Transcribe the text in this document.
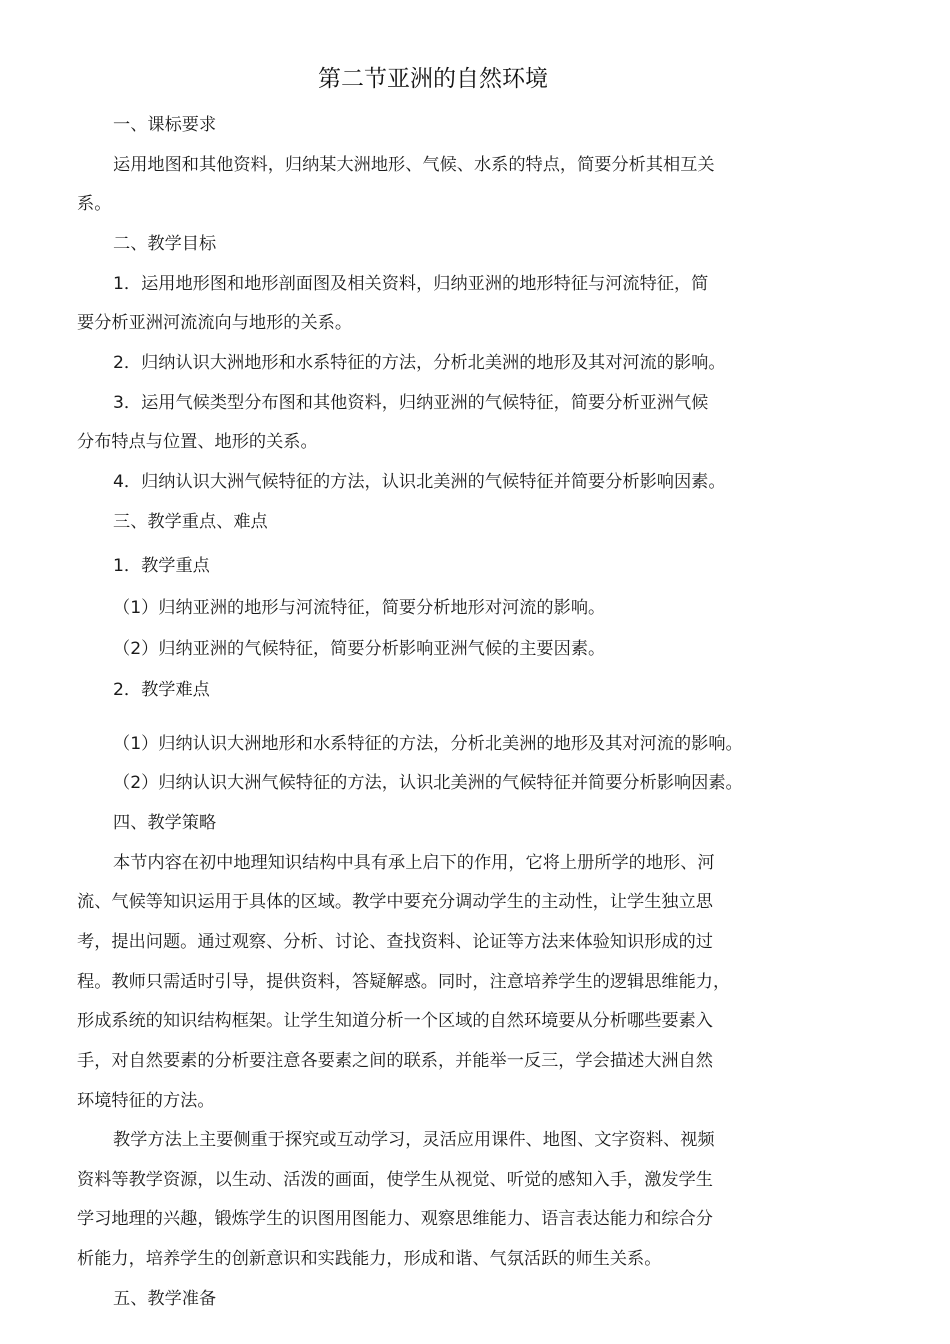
第二节亚洲的自然环境
一、课标要求
运用地图和其他资料，归纳某大洲地形、气候、水系的特点，简要分析其相互关
系。
二、教学目标
1．运用地形图和地形剖面图及相关资料，归纳亚洲的地形特征与河流特征，简
要分析亚洲河流流向与地形的关系。
2．归纳认识大洲地形和水系特征的方法，分析北美洲的地形及其对河流的影响。
3．运用气候类型分布图和其他资料，归纳亚洲的气候特征，简要分析亚洲气候
分布特点与位置、地形的关系。
4．归纳认识大洲气候特征的方法，认识北美洲的气候特征并简要分析影响因素。
三、教学重点、难点
1．教学重点
（1）归纳亚洲的地形与河流特征，简要分析地形对河流的影响。
（2）归纳亚洲的气候特征，简要分析影响亚洲气候的主要因素。
2．教学难点
（1）归纳认识大洲地形和水系特征的方法，分析北美洲的地形及其对河流的影响。
（2）归纳认识大洲气候特征的方法，认识北美洲的气候特征并简要分析影响因素。
四、教学策略
本节内容在初中地理知识结构中具有承上启下的作用，它将上册所学的地形、河
流、气候等知识运用于具体的区域。教学中要充分调动学生的主动性，让学生独立思
考，提出问题。通过观察、分析、讨论、查找资料、论证等方法来体验知识形成的过
程。教师只需适时引导，提供资料，答疑解惑。同时，注意培养学生的逻辑思维能力，
形成系统的知识结构框架。让学生知道分析一个区域的自然环境要从分析哪些要素入
手，对自然要素的分析要注意各要素之间的联系，并能举一反三，学会描述大洲自然
环境特征的方法。
教学方法上主要侧重于探究或互动学习，灵活应用课件、地图、文字资料、视频
资料等教学资源，以生动、活泼的画面，使学生从视觉、听觉的感知入手，激发学生
学习地理的兴趣，锻炼学生的识图用图能力、观察思维能力、语言表达能力和综合分
析能力，培养学生的创新意识和实践能力，形成和谐、气氛活跃的师生关系。
五、教学准备
